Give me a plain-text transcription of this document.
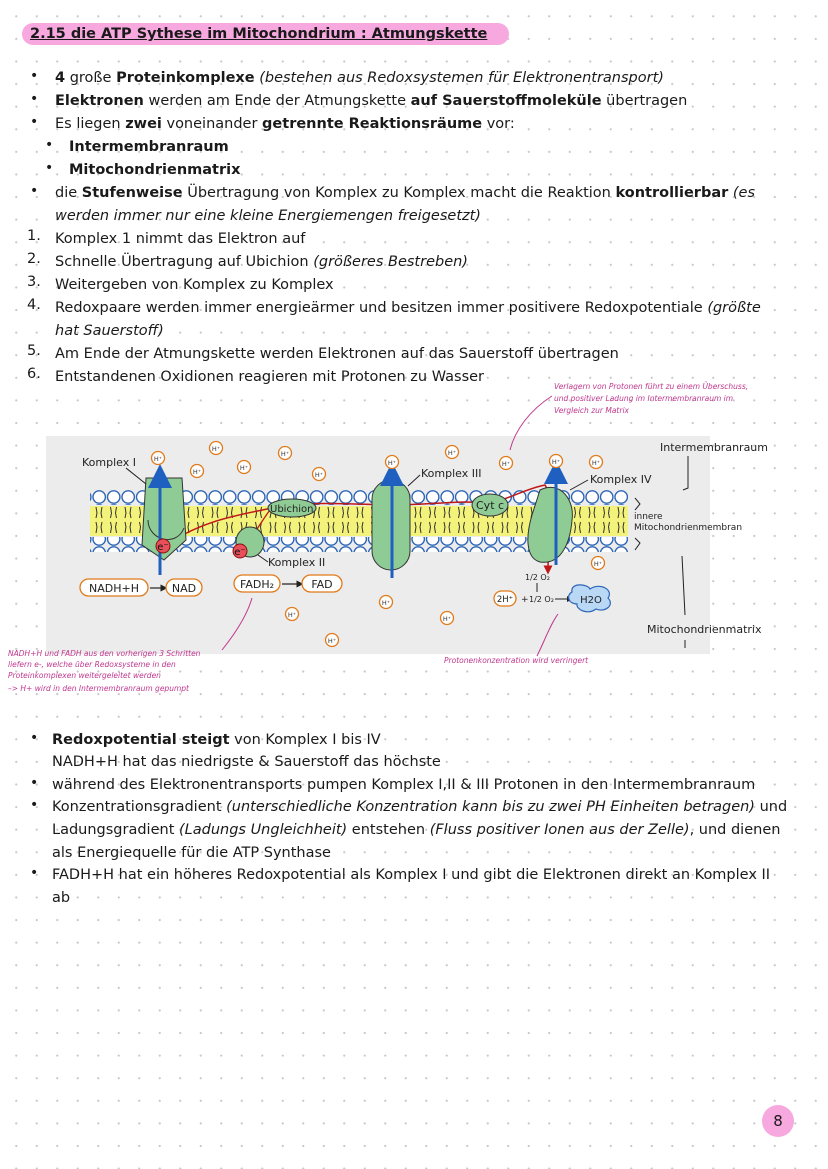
2.15 die ATP Sythese im Mitochondrium : Atmungskette
• 4 große Proteinkomplexe (bestehen aus Redoxsystemen für Elektronentransport)
• Elektronen werden am Ende der Atmungskette auf Sauerstoffmoleküle übertragen
• Es liegen zwei voneinander getrennte Reaktionsräume vor:
• Intermembranraum
• Mitochondrienmatrix
• die Stufenweise Übertragung von Komplex zu Komplex macht die Reaktion kontrollierbar (es
werden immer nur eine kleine Energiemengen freigesetzt)
1. Komplex 1 nimmt das Elektron auf
2. Schnelle Übertragung auf Ubichion (größeres Bestreben)
3. Weitergeben von Komplex zu Komplex
4. Redoxpaare werden immer energieärmer und besitzen immer positivere Redoxpotentiale (größte
hat Sauerstoff)
5. Am Ende der Atmungskette werden Elektronen auf das Sauerstoff übertragen
6. Entstandenen Oxidionen reagieren mit Protonen zu Wasser
Komplex I
Komplex II
Komplex III	Komplex IV
Ubichion	Cyt c
Intermembranraum
innere
Mitochondrienmembran
Mitochondrienmatrix
e⁻	e⁻
H⁺
H⁺
H⁺
H⁺
H⁺	H⁺
H⁺
H⁺
H⁺	H⁺	H⁺
H⁺
H⁺
H⁺	H⁺
H⁺
NADH+H	NAD	FADH₂	FAD
1/2 O₂
2H⁺ + 1/2 O₂	H2O
Verlagern von Protonen führt zu einem Überschuss,
und positiver Ladung im Intermembranraum im
Vergleich zur Matrix
NADH+H und FADH aus den vorherigen 3 Schritten
liefern e-, welche über Redoxsysteme in den
Proteinkomplexen weitergeleitet werden
–> H+ wird in den Intermembranraum gepumpt
Protonenkonzentration wird verringert
• Redoxpotential steigt von Komplex I bis IV
NADH+H hat das niedrigste & Sauerstoff das höchste
• während des Elektronentransports pumpen Komplex I,II & III Protonen in den Intermembranraum
• Konzentrationsgradient (unterschiedliche Konzentration kann bis zu zwei PH Einheiten betragen) und
Ladungsgradient (Ladungs Ungleichheit) entstehen (Fluss positiver Ionen aus der Zelle), und dienen
als Energiequelle für die ATP Synthase
• FADH+H hat ein höheres Redoxpotential als Komplex I und gibt die Elektronen direkt an Komplex II
ab
8
